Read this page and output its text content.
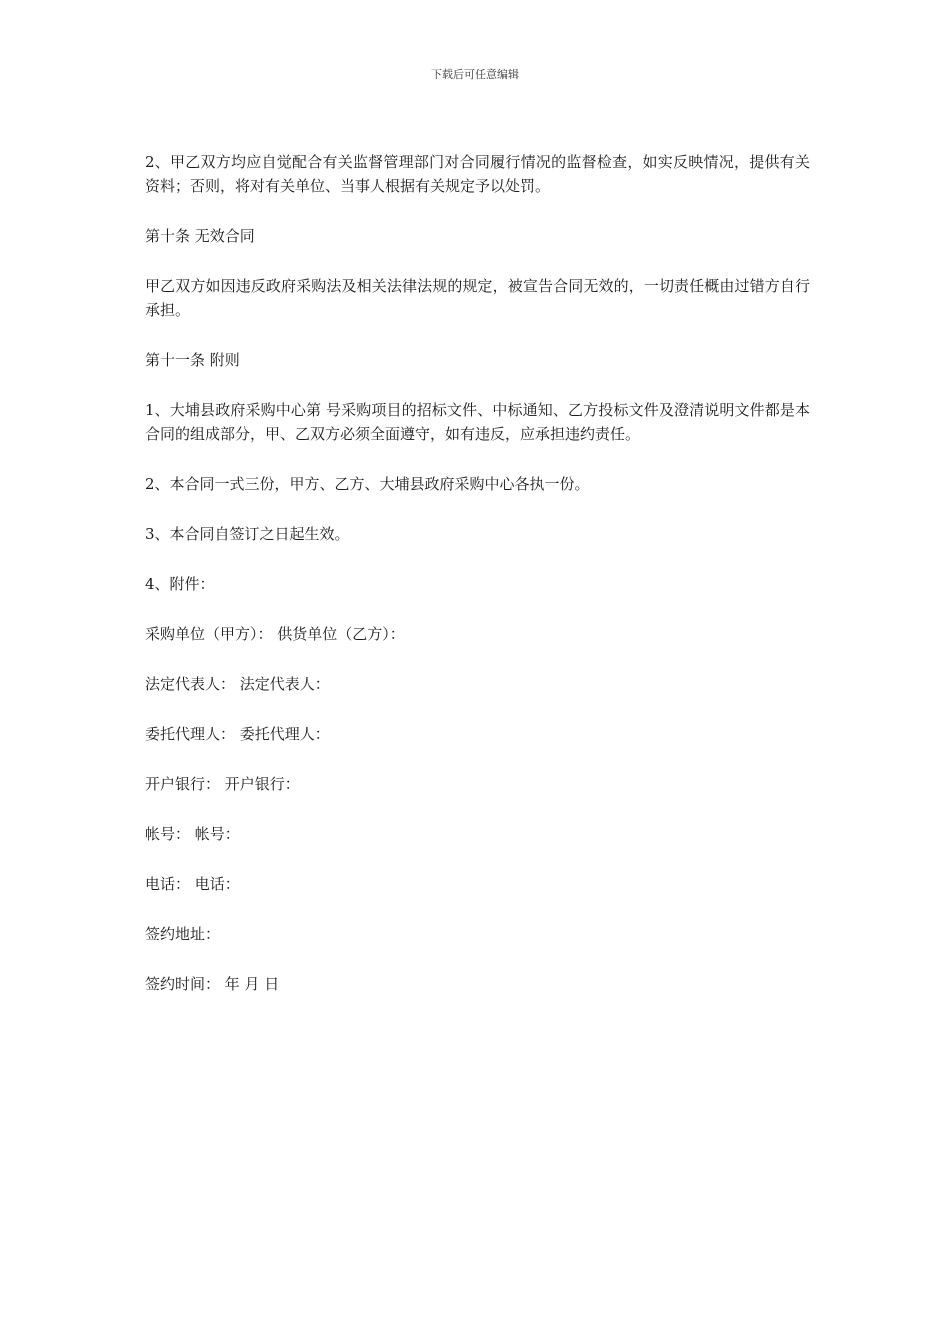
下载后可任意编辑

2、甲乙双方均应自觉配合有关监督管理部门对合同履行情况的监督检查，如实反映情况，提供有关资料；否则，将对有关单位、当事人根据有关规定予以处罚。

第十条 无效合同

甲乙双方如因违反政府采购法及相关法律法规的规定，被宣告合同无效的，一切责任概由过错方自行承担。

第十一条 附则

1、大埔县政府采购中心第 号采购项目的招标文件、中标通知、乙方投标文件及澄清说明文件都是本合同的组成部分，甲、乙双方必须全面遵守，如有违反，应承担违约责任。

2、本合同一式三份，甲方、乙方、大埔县政府采购中心各执一份。

3、本合同自签订之日起生效。

4、附件：

采购单位（甲方）： 供货单位（乙方）：

法定代表人： 法定代表人：

委托代理人： 委托代理人：

开户银行： 开户银行：

帐号： 帐号：

电话： 电话：

签约地址：

签约时间： 年 月 日
